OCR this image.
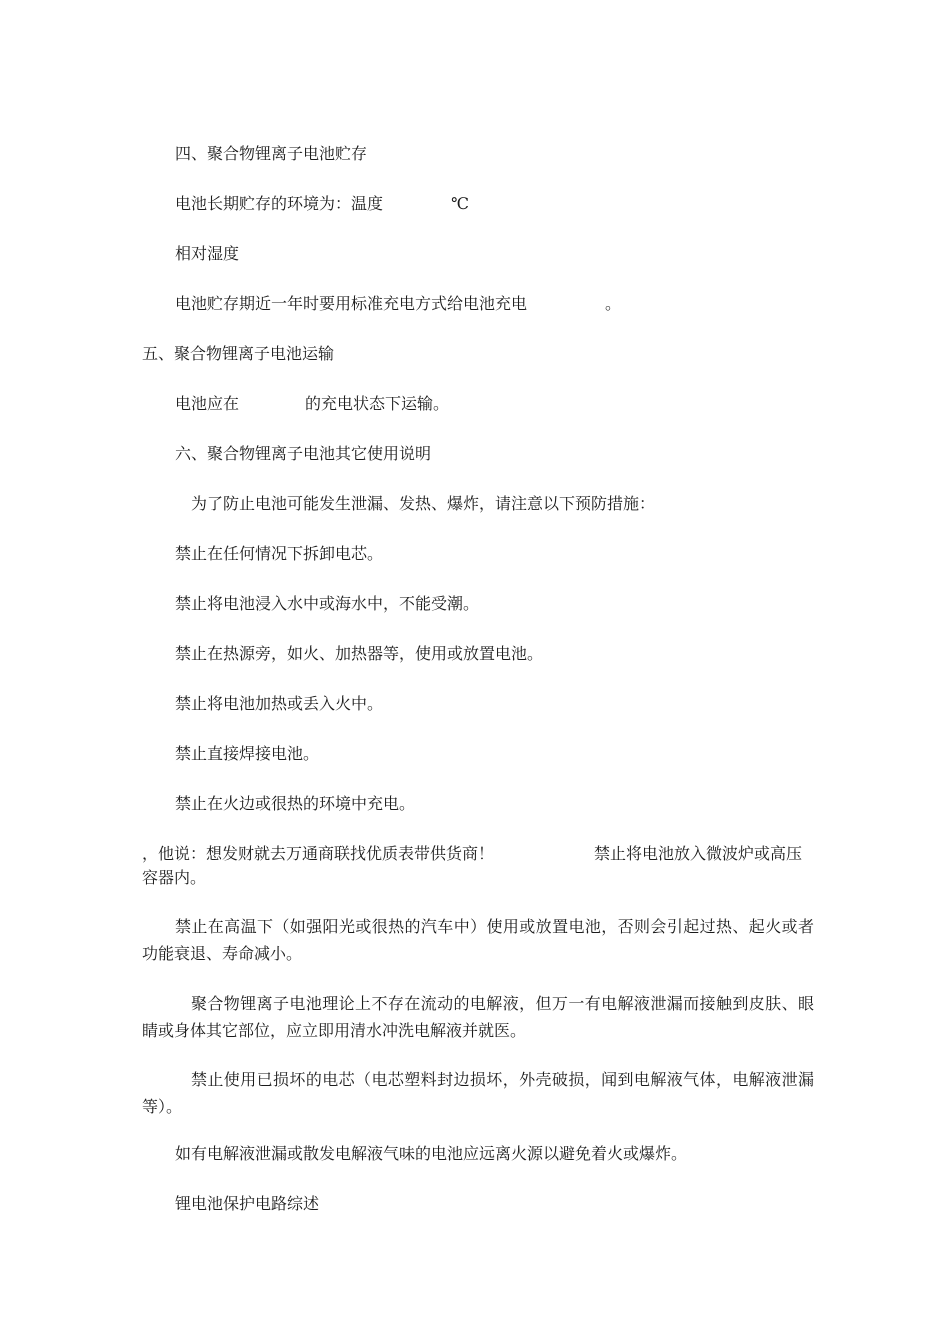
四、聚合物锂离子电池贮存
电池长期贮存的环境为：温度	℃
相对湿度
电池贮存期近一年时要用标准充电方式给电池充电	。
五、聚合物锂离子电池运输
电池应在	的充电状态下运输。
六、聚合物锂离子电池其它使用说明
为了防止电池可能发生泄漏、发热、爆炸，请注意以下预防措施：
禁止在任何情况下拆卸电芯。
禁止将电池浸入水中或海水中，不能受潮。
禁止在热源旁，如火、加热器等，使用或放置电池。
禁止将电池加热或丢入火中。
禁止直接焊接电池。
禁止在火边或很热的环境中充电。
，他说：想发财就去万通商联找优质表带供货商！	禁止将电池放入微波炉或高压
容器内。
禁止在高温下（如强阳光或很热的汽车中）使用或放置电池，否则会引起过热、起火或者功能衰退、寿命减小。
聚合物锂离子电池理论上不存在流动的电解液，但万一有电解液泄漏而接触到皮肤、眼睛或身体其它部位，应立即用清水冲洗电解液并就医。
禁止使用已损坏的电芯（电芯塑料封边损坏，外壳破损，闻到电解液气体，电解液泄漏等）。
如有电解液泄漏或散发电解液气味的电池应远离火源以避免着火或爆炸。
锂电池保护电路综述
